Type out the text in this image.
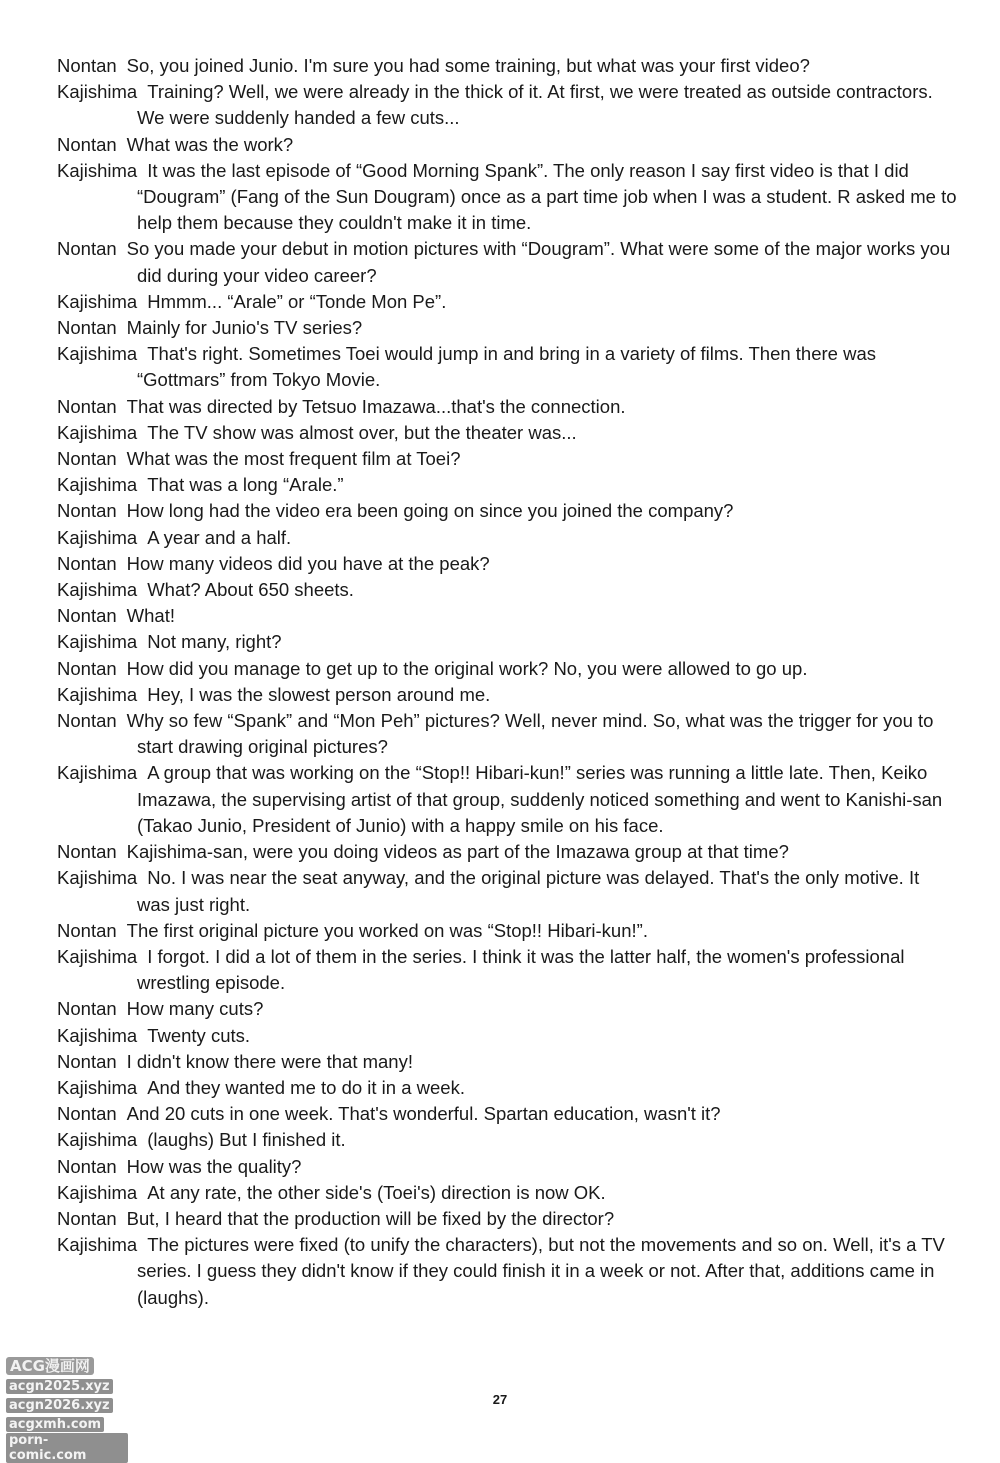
Nontan So, you joined Junio. I'm sure you had some training, but what was your first video?
Kajishima Training? Well, we were already in the thick of it. At first, we were treated as outside contractors. We were suddenly handed a few cuts...
Nontan What was the work?
Kajishima It was the last episode of “Good Morning Spank”. The only reason I say first video is that I did “Dougram” (Fang of the Sun Dougram) once as a part time job when I was a student. R asked me to help them because they couldn't make it in time.
Nontan So you made your debut in motion pictures with “Dougram”. What were some of the major works you did during your video career?
Kajishima Hmmm... “Arale” or “Tonde Mon Pe”.
Nontan Mainly for Junio's TV series?
Kajishima That's right. Sometimes Toei would jump in and bring in a variety of films. Then there was “Gottmars” from Tokyo Movie.
Nontan That was directed by Tetsuo Imazawa...that's the connection.
Kajishima The TV show was almost over, but the theater was...
Nontan What was the most frequent film at Toei?
Kajishima That was a long “Arale.”
Nontan How long had the video era been going on since you joined the company?
Kajishima A year and a half.
Nontan How many videos did you have at the peak?
Kajishima What? About 650 sheets.
Nontan What!
Kajishima Not many, right?
Nontan How did you manage to get up to the original work? No, you were allowed to go up.
Kajishima Hey, I was the slowest person around me.
Nontan Why so few “Spank” and “Mon Peh” pictures? Well, never mind. So, what was the trigger for you to start drawing original pictures?
Kajishima A group that was working on the “Stop!! Hibari-kun!” series was running a little late. Then, Keiko Imazawa, the supervising artist of that group, suddenly noticed something and went to Kanishi-san (Takao Junio, President of Junio) with a happy smile on his face.
Nontan Kajishima-san, were you doing videos as part of the Imazawa group at that time?
Kajishima No. I was near the seat anyway, and the original picture was delayed. That's the only motive. It was just right.
Nontan The first original picture you worked on was “Stop!! Hibari-kun!”.
Kajishima I forgot. I did a lot of them in the series. I think it was the latter half, the women's professional wrestling episode.
Nontan How many cuts?
Kajishima Twenty cuts.
Nontan I didn't know there were that many!
Kajishima And they wanted me to do it in a week.
Nontan And 20 cuts in one week. That's wonderful. Spartan education, wasn't it?
Kajishima (laughs) But I finished it.
Nontan How was the quality?
Kajishima At any rate, the other side's (Toei's) direction is now OK.
Nontan But, I heard that the production will be fixed by the director?
Kajishima The pictures were fixed (to unify the characters), but not the movements and so on. Well, it's a TV series. I guess they didn't know if they could finish it in a week or not. After that, additions came in (laughs).
27
ACG漫画网
acgn2025.xyz
acgn2026.xyz
acgxmh.com
porn-comic.com
